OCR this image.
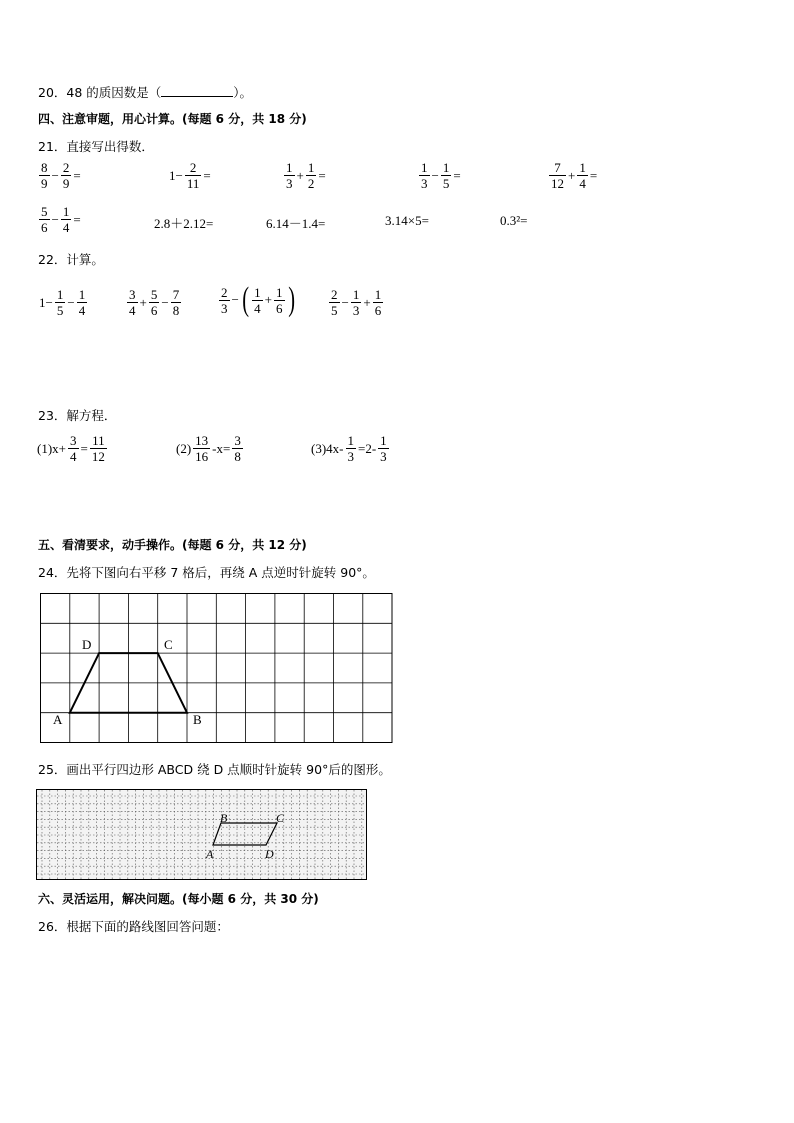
20．48 的质因数是（	）。
四、注意审题，用心计算。(每题 6 分，共 18 分)
21．直接写出得数．
$\frac{8}{9} - \frac{2}{9}$ =	$1- \frac{2}{11}$ =	$\frac{1}{3} + \frac{1}{2}$ =	$\frac{1}{3} - \frac{1}{5}$ =	$\frac{7}{12} + \frac{1}{4}$ =
$\frac{5}{6} - \frac{1}{4}$ =	2.8＋2.12=	6.14－1.4=	3.14×5=	0.3²=
22．计算。
$1- \frac{1}{5} - \frac{1}{4}$	$\frac{3}{4} + \frac{5}{6} - \frac{7}{8}$	$\frac{2}{3}$ −( $\frac{1}{4} + \frac{1}{6}$ )	$\frac{2}{5} - \frac{1}{3} + \frac{1}{6}$
23．解方程．
$(1)x+ \frac{3}{4} = \frac{11}{12}$	$(2) \frac{13}{16} -x= \frac{3}{8}$	$(3)4x- \frac{1}{3} =2- \frac{1}{3}$
五、看清要求，动手操作。(每题 6 分，共 12 分)
24．先将下图向右平移 7 格后，再绕 A 点逆时针旋转 90°。
A	B
C
D
25．画出平行四边形 ABCD 绕 D 点顺时针旋转 90°后的图形。
A
B	C
D
六、灵活运用，解决问题。(每小题 6 分，共 30 分)
26．根据下面的路线图回答问题：
